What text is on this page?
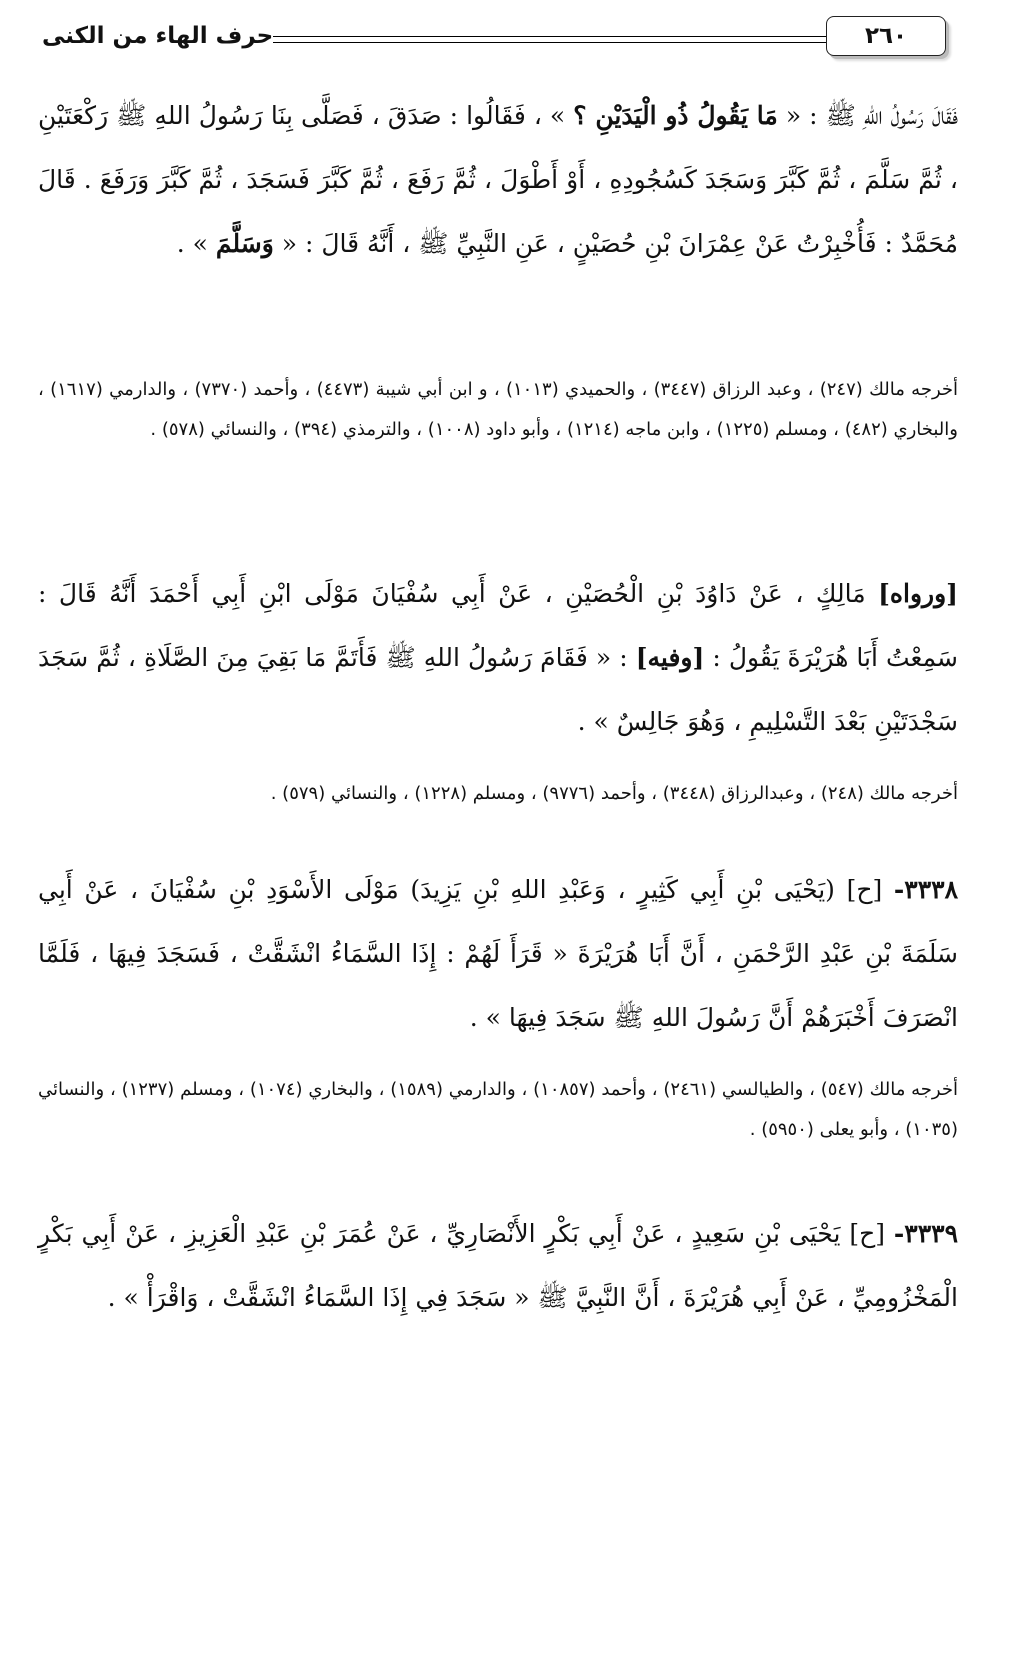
٢٦٠
حرف الهاء من الكنى

فَقَالَ رَسُولُ اللهِ ﷺ : « مَا يَقُولُ ذُو الْيَدَيْنِ ؟ » ، فَقَالُوا : صَدَقَ ، فَصَلَّى بِنَا رَسُولُ اللهِ ﷺ رَكْعَتَيْنِ ، ثُمَّ سَلَّمَ ، ثُمَّ كَبَّرَ وَسَجَدَ كَسُجُودِهِ ، أَوْ أَطْوَلَ ، ثُمَّ رَفَعَ ، ثُمَّ كَبَّرَ فَسَجَدَ ، ثُمَّ كَبَّرَ وَرَفَعَ . قَالَ مُحَمَّدٌ : فَأُخْبِرْتُ عَنْ عِمْرَانَ بْنِ حُصَيْنٍ ، عَنِ النَّبِيِّ ﷺ ، أَنَّهُ قَالَ : « وَسَلَّمَ » .

أخرجه مالك (٢٤٧) ، وعبد الرزاق (٣٤٤٧) ، والحميدي (١٠١٣) ، و ابن أبي شيبة (٤٤٧٣) ، وأحمد (٧٣٧٠) ، والدارمي (١٦١٧) ، والبخاري (٤٨٢) ، ومسلم (١٢٢٥) ، وابن ماجه (١٢١٤) ، وأبو داود (١٠٠٨) ، والترمذي (٣٩٤) ، والنسائي (٥٧٨) .

[ورواه] مَالِكٍ ، عَنْ دَاوُدَ بْنِ الْحُصَيْنِ ، عَنْ أَبِي سُفْيَانَ مَوْلَى ابْنِ أَبِي أَحْمَدَ أَنَّهُ قَالَ : سَمِعْتُ أَبَا هُرَيْرَةَ يَقُولُ : [وفيه] : « فَقَامَ رَسُولُ اللهِ ﷺ فَأَتَمَّ مَا بَقِيَ مِنَ الصَّلَاةِ ، ثُمَّ سَجَدَ سَجْدَتَيْنِ بَعْدَ التَّسْلِيمِ ، وَهُوَ جَالِسٌ » .

أخرجه مالك (٢٤٨) ، وعبدالرزاق (٣٤٤٨) ، وأحمد (٩٧٧٦) ، ومسلم (١٢٢٨) ، والنسائي (٥٧٩) .

٣٣٣٨- [ح] (يَحْيَى بْنِ أَبِي كَثِيرٍ ، وَعَبْدِ اللهِ بْنِ يَزِيدَ) مَوْلَى الأَسْوَدِ بْنِ سُفْيَانَ ، عَنْ أَبِي سَلَمَةَ بْنِ عَبْدِ الرَّحْمَنِ ، أَنَّ أَبَا هُرَيْرَةَ « قَرَأَ لَهُمْ : إِذَا السَّمَاءُ انْشَقَّتْ ، فَسَجَدَ فِيهَا ، فَلَمَّا انْصَرَفَ أَخْبَرَهُمْ أَنَّ رَسُولَ اللهِ ﷺ سَجَدَ فِيهَا » .

أخرجه مالك (٥٤٧) ، والطيالسي (٢٤٦١) ، وأحمد (١٠٨٥٧) ، والدارمي (١٥٨٩) ، والبخاري (١٠٧٤) ، ومسلم (١٢٣٧) ، والنسائي (١٠٣٥) ، وأبو يعلى (٥٩٥٠) .

٣٣٣٩- [ح] يَحْيَى بْنِ سَعِيدٍ ، عَنْ أَبِي بَكْرٍ الأَنْصَارِيِّ ، عَنْ عُمَرَ بْنِ عَبْدِ الْعَزِيزِ ، عَنْ أَبِي بَكْرٍ الْمَخْزُومِيِّ ، عَنْ أَبِي هُرَيْرَةَ ، أَنَّ النَّبِيَّ ﷺ « سَجَدَ فِي إِذَا السَّمَاءُ انْشَقَّتْ ، وَاقْرَأْ » .
